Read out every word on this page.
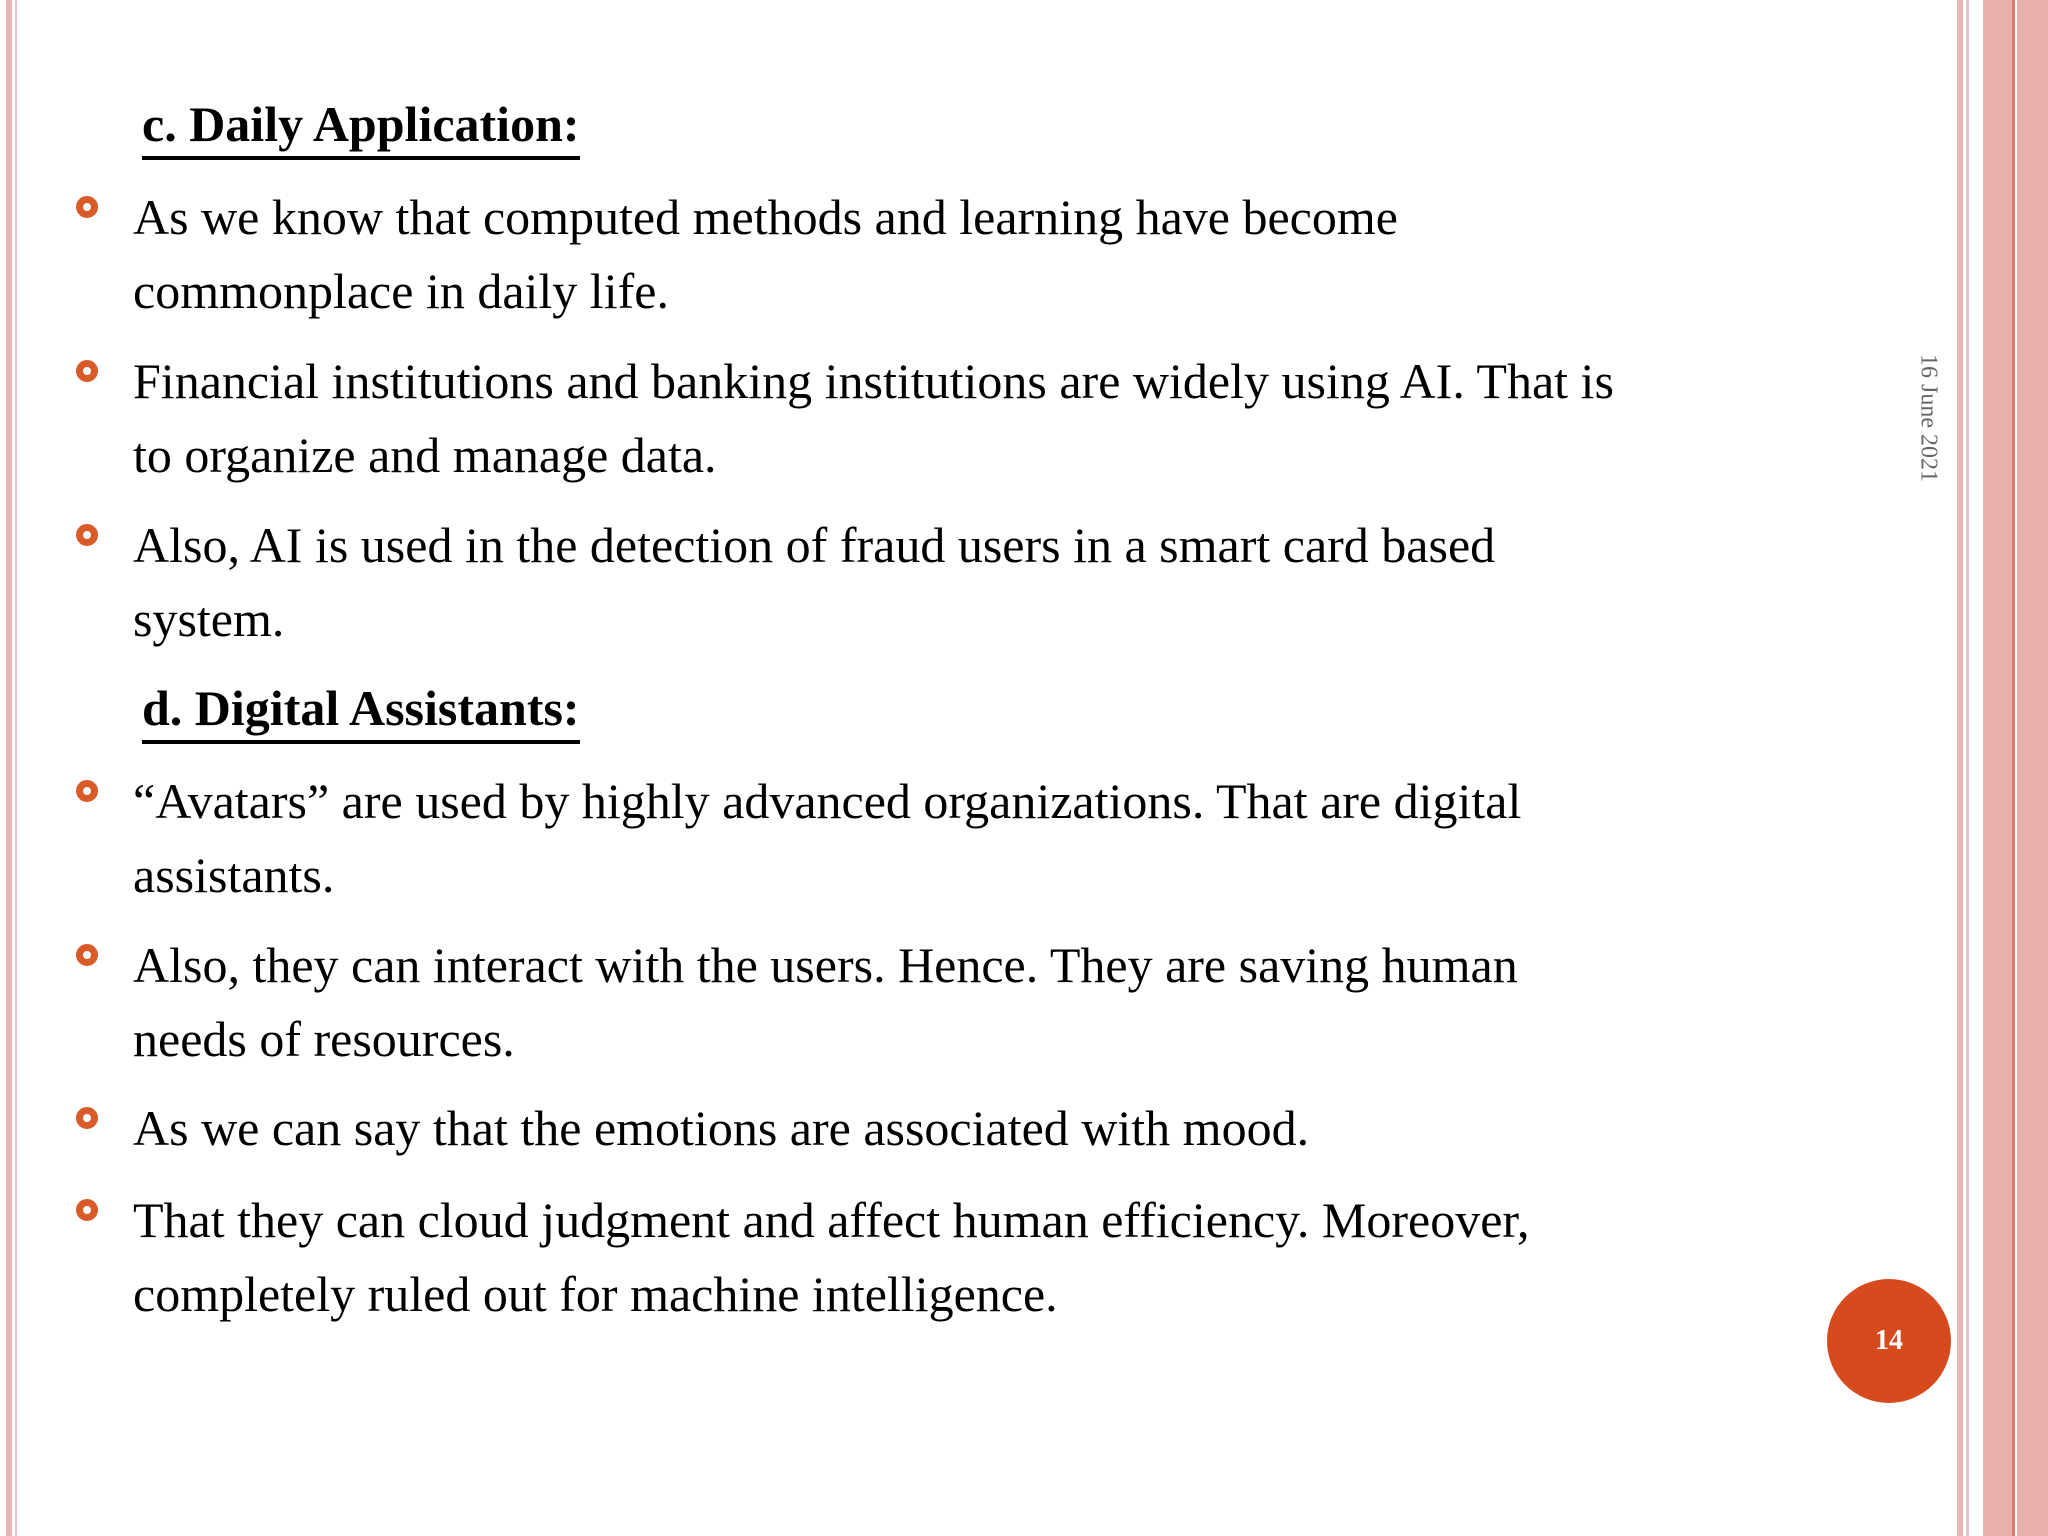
c. Daily Application:
As we know that computed methods and learning have become
commonplace in daily life.
Financial institutions and banking institutions are widely using AI. That is
to organize and manage data.
Also, AI is used in the detection of fraud users in a smart card based
system.
d. Digital Assistants:
“Avatars” are used by highly advanced organizations. That are digital
assistants.
Also, they can interact with the users. Hence. They are saving human
needs of resources.
As we can say that the emotions are associated with mood.
That they can cloud judgment and affect human efficiency. Moreover,
completely ruled out for machine intelligence.
16 June 2021
14
